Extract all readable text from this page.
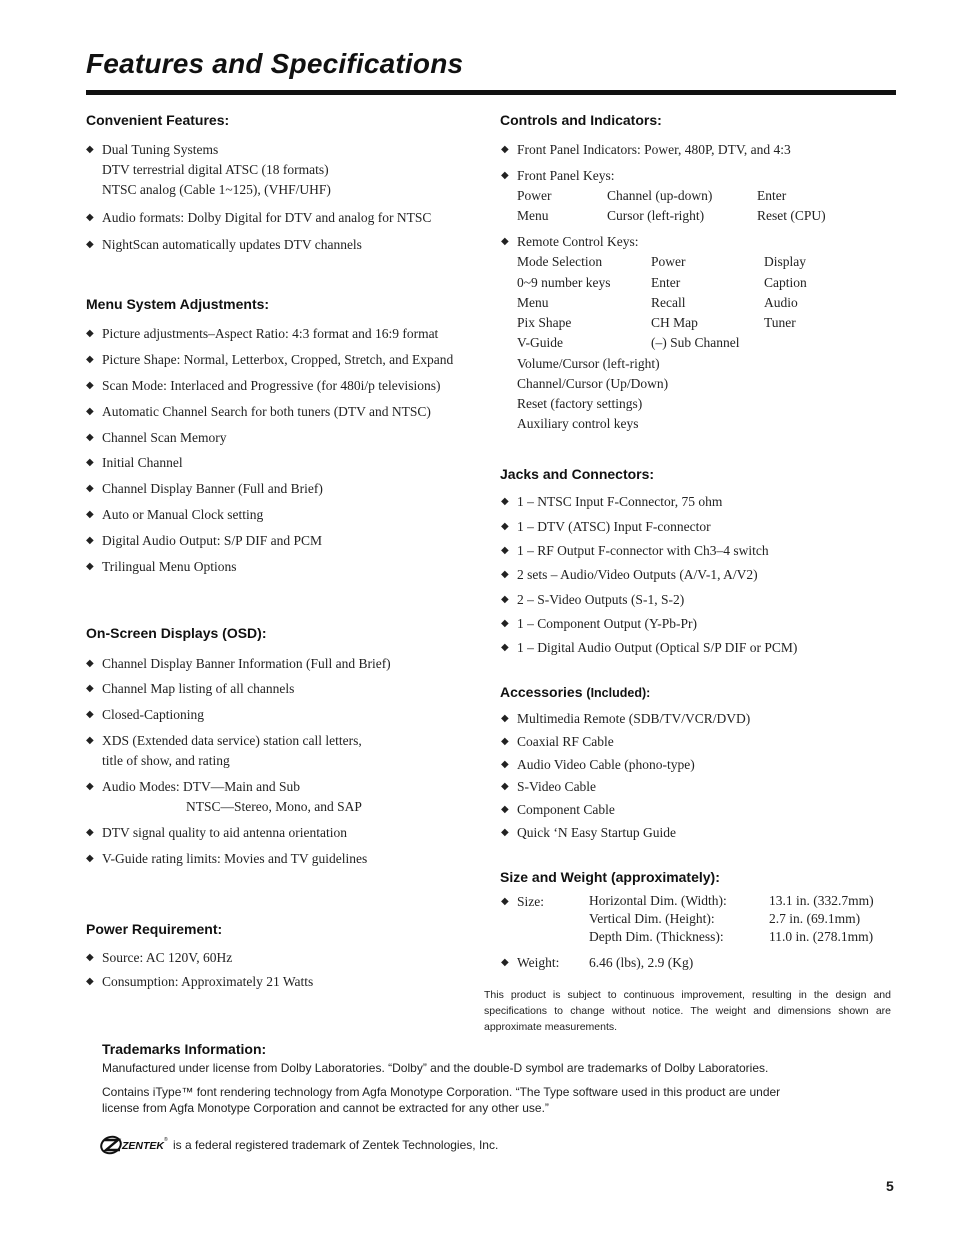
Features and Specifications
Convenient Features:
◆ Dual Tuning Systems
DTV terrestrial digital ATSC (18 formats)
NTSC analog (Cable 1~125), (VHF/UHF)
◆ Audio formats: Dolby Digital for DTV and analog for NTSC
◆ NightScan automatically updates DTV channels
Menu System Adjustments:
◆ Picture adjustments–Aspect Ratio: 4:3 format and 16:9 format
◆ Picture Shape: Normal, Letterbox, Cropped, Stretch, and Expand
◆ Scan Mode: Interlaced and Progressive (for 480i/p televisions)
◆ Automatic Channel Search for both tuners (DTV and NTSC)
◆ Channel Scan Memory
◆ Initial Channel
◆ Channel Display Banner (Full and Brief)
◆ Auto or Manual Clock setting
◆ Digital Audio Output: S/P DIF and PCM
◆ Trilingual Menu Options
On-Screen Displays (OSD):
◆ Channel Display Banner Information (Full and Brief)
◆ Channel Map listing of all channels
◆ Closed-Captioning
◆ XDS (Extended data service) station call letters,
title of show, and rating
◆ Audio Modes: DTV—Main and Sub
NTSC—Stereo, Mono, and SAP
◆ DTV signal quality to aid antenna orientation
◆ V-Guide rating limits: Movies and TV guidelines
Power Requirement:
◆ Source: AC 120V, 60Hz
◆ Consumption: Approximately 21 Watts
Controls and Indicators:
◆ Front Panel Indicators: Power, 480P, DTV, and 4:3
◆ Front Panel Keys:
Power	Channel (up-down)	Enter
Menu	Cursor (left-right)	Reset (CPU)
◆ Remote Control Keys:
Mode Selection	Power	Display
0~9 number keys	Enter	Caption
Menu	Recall	Audio
Pix Shape	CH Map	Tuner
V-Guide	(–) Sub Channel
Volume/Cursor (left-right)
Channel/Cursor (Up/Down)
Reset (factory settings)
Auxiliary control keys
Jacks and Connectors:
◆ 1 – NTSC Input F-Connector, 75 ohm
◆ 1 – DTV (ATSC) Input F-connector
◆ 1 – RF Output F-connector with Ch3–4 switch
◆ 2 sets – Audio/Video Outputs (A/V-1, A/V2)
◆ 2 – S-Video Outputs (S-1, S-2)
◆ 1 – Component Output (Y-Pb-Pr)
◆ 1 – Digital Audio Output (Optical S/P DIF or PCM)
Accessories (Included):
◆ Multimedia Remote (SDB/TV/VCR/DVD)
◆ Coaxial RF Cable
◆ Audio Video Cable (phono-type)
◆ S-Video Cable
◆ Component Cable
◆ Quick ‘N Easy Startup Guide
Size and Weight (approximately):
◆ Size:	Horizontal Dim. (Width):	13.1 in. (332.7mm)
Vertical Dim. (Height):	2.7 in. (69.1mm)
Depth Dim. (Thickness):	11.0 in. (278.1mm)
◆ Weight: 6.46 (lbs), 2.9 (Kg)
This product is subject to continuous improvement, resulting in the design and specifications to change without notice. The weight and dimensions shown are approximate measurements.
Trademarks Information:
Manufactured under license from Dolby Laboratories. “Dolby” and the double-D symbol are trademarks of Dolby Laboratories.
Contains iType™ font rendering technology from Agfa Monotype Corporation. “The Type software used in this product are under
license from Agfa Monotype Corporation and cannot be extracted for any other use.”
ZENTEK ® is a federal registered trademark of Zentek Technologies, Inc.
5
